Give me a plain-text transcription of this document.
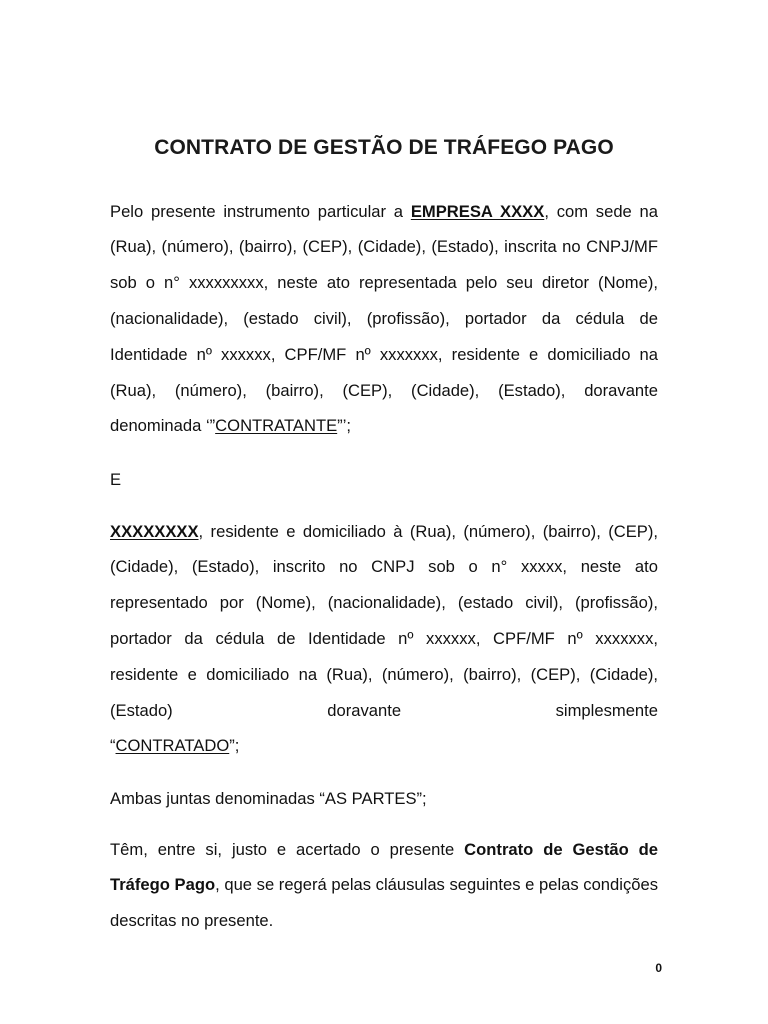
CONTRATO DE GESTÃO DE TRÁFEGO PAGO

Pelo presente instrumento particular a EMPRESA XXXX, com sede na (Rua), (número), (bairro), (CEP), (Cidade), (Estado), inscrita no CNPJ/MF sob o n° xxxxxxxxx, neste ato representada pelo seu diretor (Nome), (nacionalidade), (estado civil), (profissão), portador da cédula de Identidade nº xxxxxx, CPF/MF nº xxxxxxx, residente e domiciliado na (Rua), (número), (bairro), (CEP), (Cidade), (Estado), doravante denominada ‘”CONTRATANTE”’;

E

XXXXXXXX, residente e domiciliado à (Rua), (número), (bairro), (CEP), (Cidade), (Estado), inscrito no CNPJ sob o n° xxxxx, neste ato representado por (Nome), (nacionalidade), (estado civil), (profissão), portador da cédula de Identidade nº xxxxxx, CPF/MF nº xxxxxxx, residente e domiciliado na (Rua), (número), (bairro), (CEP), (Cidade), (Estado) doravante simplesmente
“CONTRATADO”;

Ambas juntas denominadas “AS PARTES”;

Têm, entre si, justo e acertado o presente Contrato de Gestão de Tráfego Pago, que se regerá pelas cláusulas seguintes e pelas condições descritas no presente.

0
